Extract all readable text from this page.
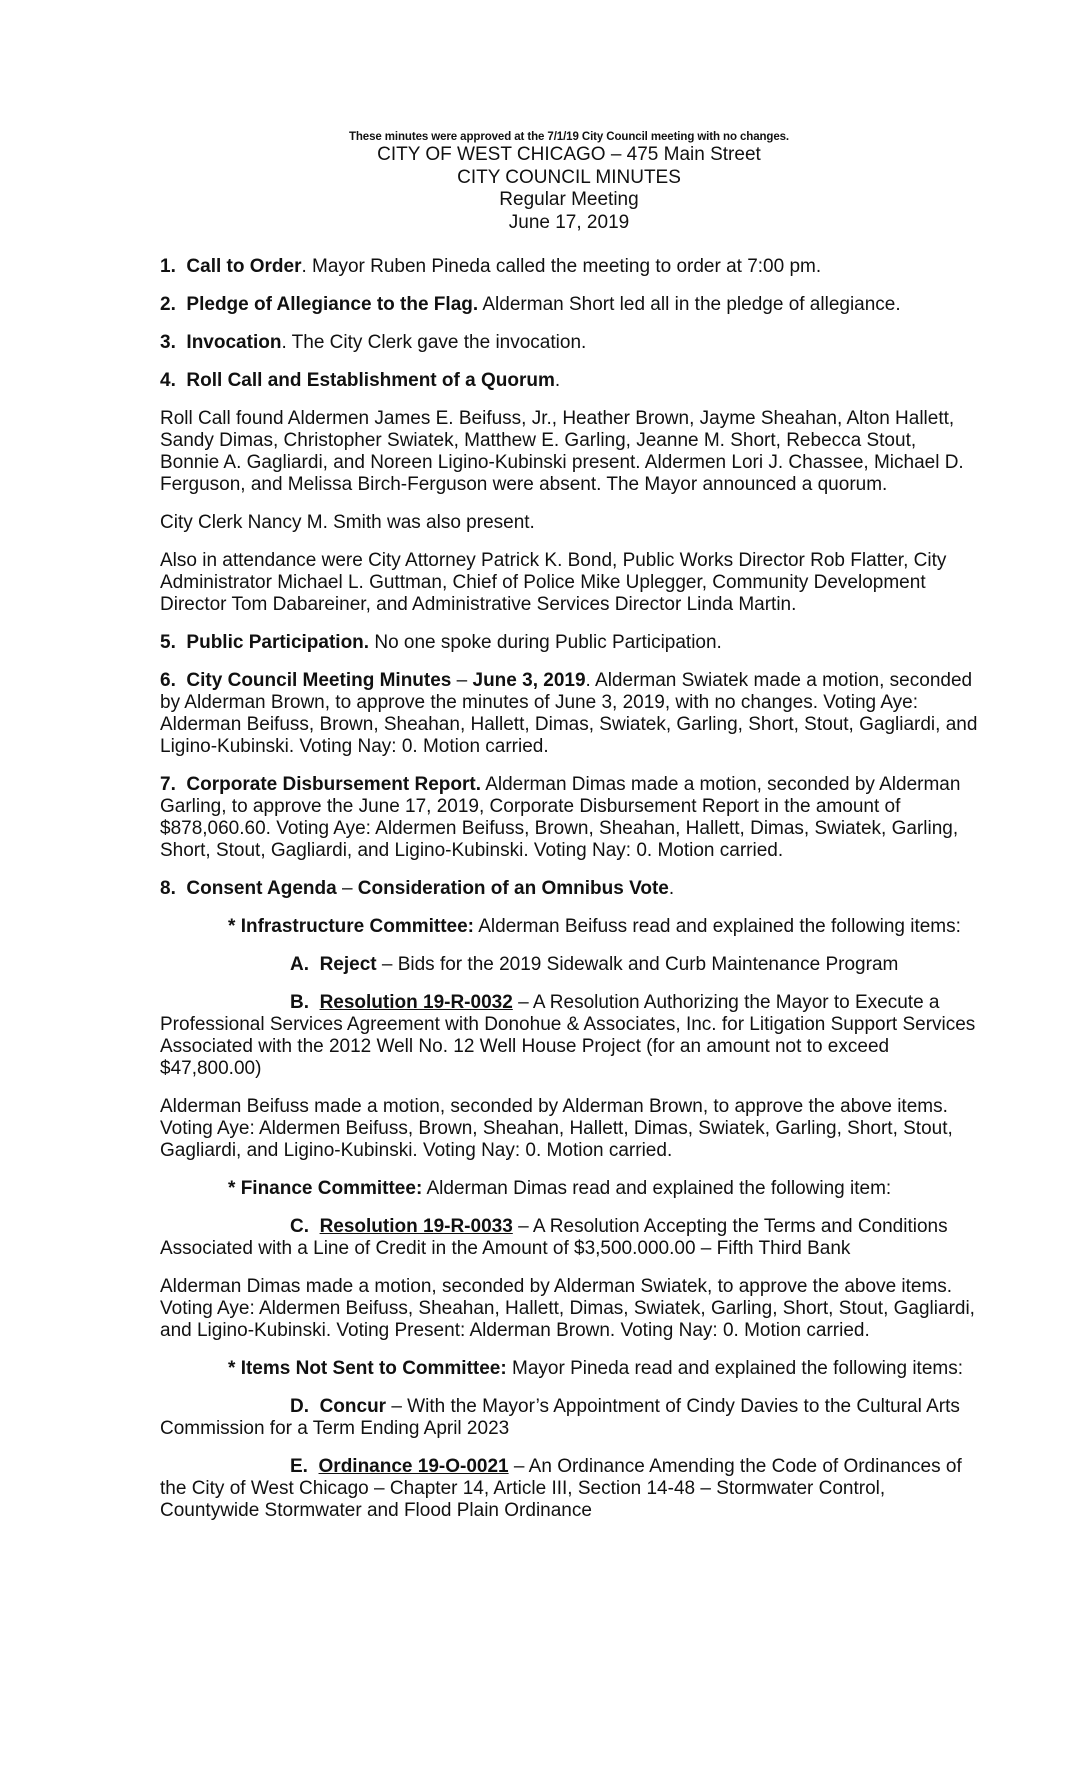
These minutes were approved at the 7/1/19 City Council meeting with no changes.
CITY OF WEST CHICAGO – 475 Main Street
CITY COUNCIL MINUTES
Regular Meeting
June 17, 2019

1. Call to Order. Mayor Ruben Pineda called the meeting to order at 7:00 pm.

2. Pledge of Allegiance to the Flag. Alderman Short led all in the pledge of allegiance.

3. Invocation. The City Clerk gave the invocation.

4. Roll Call and Establishment of a Quorum.

Roll Call found Aldermen James E. Beifuss, Jr., Heather Brown, Jayme Sheahan, Alton Hallett, Sandy Dimas, Christopher Swiatek, Matthew E. Garling, Jeanne M. Short, Rebecca Stout, Bonnie A. Gagliardi, and Noreen Ligino-Kubinski present. Aldermen Lori J. Chassee, Michael D. Ferguson, and Melissa Birch-Ferguson were absent. The Mayor announced a quorum.

City Clerk Nancy M. Smith was also present.

Also in attendance were City Attorney Patrick K. Bond, Public Works Director Rob Flatter, City Administrator Michael L. Guttman, Chief of Police Mike Uplegger, Community Development Director Tom Dabareiner, and Administrative Services Director Linda Martin.

5. Public Participation. No one spoke during Public Participation.

6. City Council Meeting Minutes – June 3, 2019. Alderman Swiatek made a motion, seconded by Alderman Brown, to approve the minutes of June 3, 2019, with no changes. Voting Aye: Alderman Beifuss, Brown, Sheahan, Hallett, Dimas, Swiatek, Garling, Short, Stout, Gagliardi, and Ligino-Kubinski. Voting Nay: 0. Motion carried.

7. Corporate Disbursement Report. Alderman Dimas made a motion, seconded by Alderman Garling, to approve the June 17, 2019, Corporate Disbursement Report in the amount of $878,060.60. Voting Aye: Aldermen Beifuss, Brown, Sheahan, Hallett, Dimas, Swiatek, Garling, Short, Stout, Gagliardi, and Ligino-Kubinski. Voting Nay: 0. Motion carried.

8. Consent Agenda – Consideration of an Omnibus Vote.

* Infrastructure Committee: Alderman Beifuss read and explained the following items:

A. Reject – Bids for the 2019 Sidewalk and Curb Maintenance Program

B. Resolution 19-R-0032 – A Resolution Authorizing the Mayor to Execute a Professional Services Agreement with Donohue & Associates, Inc. for Litigation Support Services Associated with the 2012 Well No. 12 Well House Project (for an amount not to exceed $47,800.00)

Alderman Beifuss made a motion, seconded by Alderman Brown, to approve the above items. Voting Aye: Aldermen Beifuss, Brown, Sheahan, Hallett, Dimas, Swiatek, Garling, Short, Stout, Gagliardi, and Ligino-Kubinski. Voting Nay: 0. Motion carried.

* Finance Committee: Alderman Dimas read and explained the following item:

C. Resolution 19-R-0033 – A Resolution Accepting the Terms and Conditions Associated with a Line of Credit in the Amount of $3,500.000.00 – Fifth Third Bank

Alderman Dimas made a motion, seconded by Alderman Swiatek, to approve the above items. Voting Aye: Aldermen Beifuss, Sheahan, Hallett, Dimas, Swiatek, Garling, Short, Stout, Gagliardi, and Ligino-Kubinski. Voting Present: Alderman Brown. Voting Nay: 0. Motion carried.

* Items Not Sent to Committee: Mayor Pineda read and explained the following items:

D. Concur – With the Mayor’s Appointment of Cindy Davies to the Cultural Arts Commission for a Term Ending April 2023

E. Ordinance 19-O-0021 – An Ordinance Amending the Code of Ordinances of the City of West Chicago – Chapter 14, Article III, Section 14-48 – Stormwater Control, Countywide Stormwater and Flood Plain Ordinance
